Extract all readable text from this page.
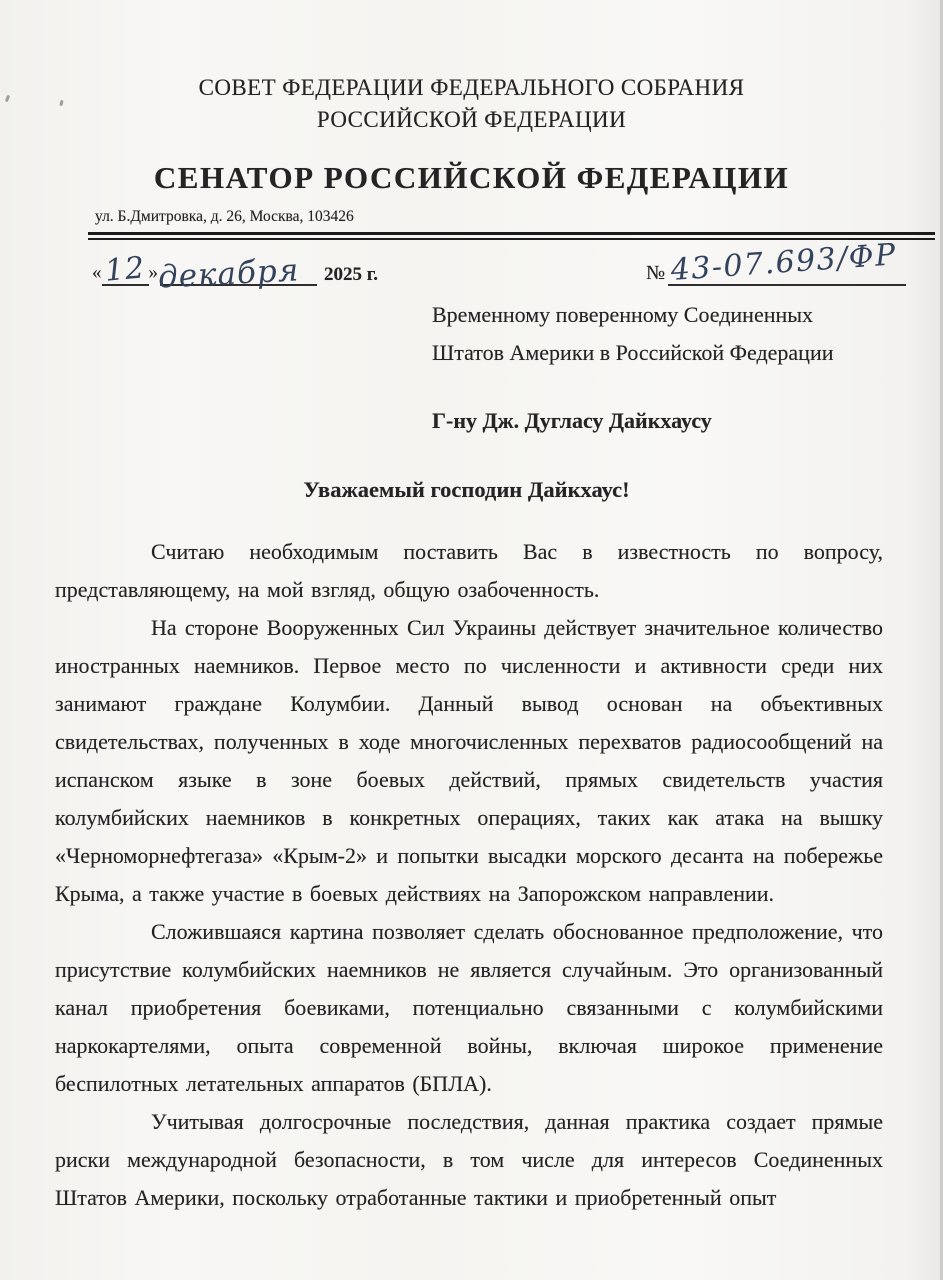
СОВЕТ ФЕДЕРАЦИИ ФЕДЕРАЛЬНОГО СОБРАНИЯ
РОССИЙСКОЙ ФЕДЕРАЦИИ
СЕНАТОР РОССИЙСКОЙ ФЕДЕРАЦИИ
ул. Б.Дмитровка, д. 26, Москва, 103426
« 12 » декабря 2025 г.	№ 43-07.693/ФР
Временному поверенному Соединенных
Штатов Америки в Российской Федерации
Г-ну Дж. Дугласу Дайкхаусу
Уважаемый господин Дайкхаус!

Считаю необходимым поставить Вас в известность по вопросу, представляющему, на мой взгляд, общую озабоченность.

На стороне Вооруженных Сил Украины действует значительное количество иностранных наемников. Первое место по численности и активности среди них занимают граждане Колумбии. Данный вывод основан на объективных свидетельствах, полученных в ходе многочисленных перехватов радиосообщений на испанском языке в зоне боевых действий, прямых свидетельств участия колумбийских наемников в конкретных операциях, таких как атака на вышку «Черноморнефтегаза» «Крым-2» и попытки высадки морского десанта на побережье Крыма, а также участие в боевых действиях на Запорожском направлении.

Сложившаяся картина позволяет сделать обоснованное предположение, что присутствие колумбийских наемников не является случайным. Это организованный канал приобретения боевиками, потенциально связанными с колумбийскими наркокартелями, опыта современной войны, включая широкое применение беспилотных летательных аппаратов (БПЛА).

Учитывая долгосрочные последствия, данная практика создает прямые риски международной безопасности, в том числе для интересов Соединенных Штатов Америки, поскольку отработанные тактики и приобретенный опыт
